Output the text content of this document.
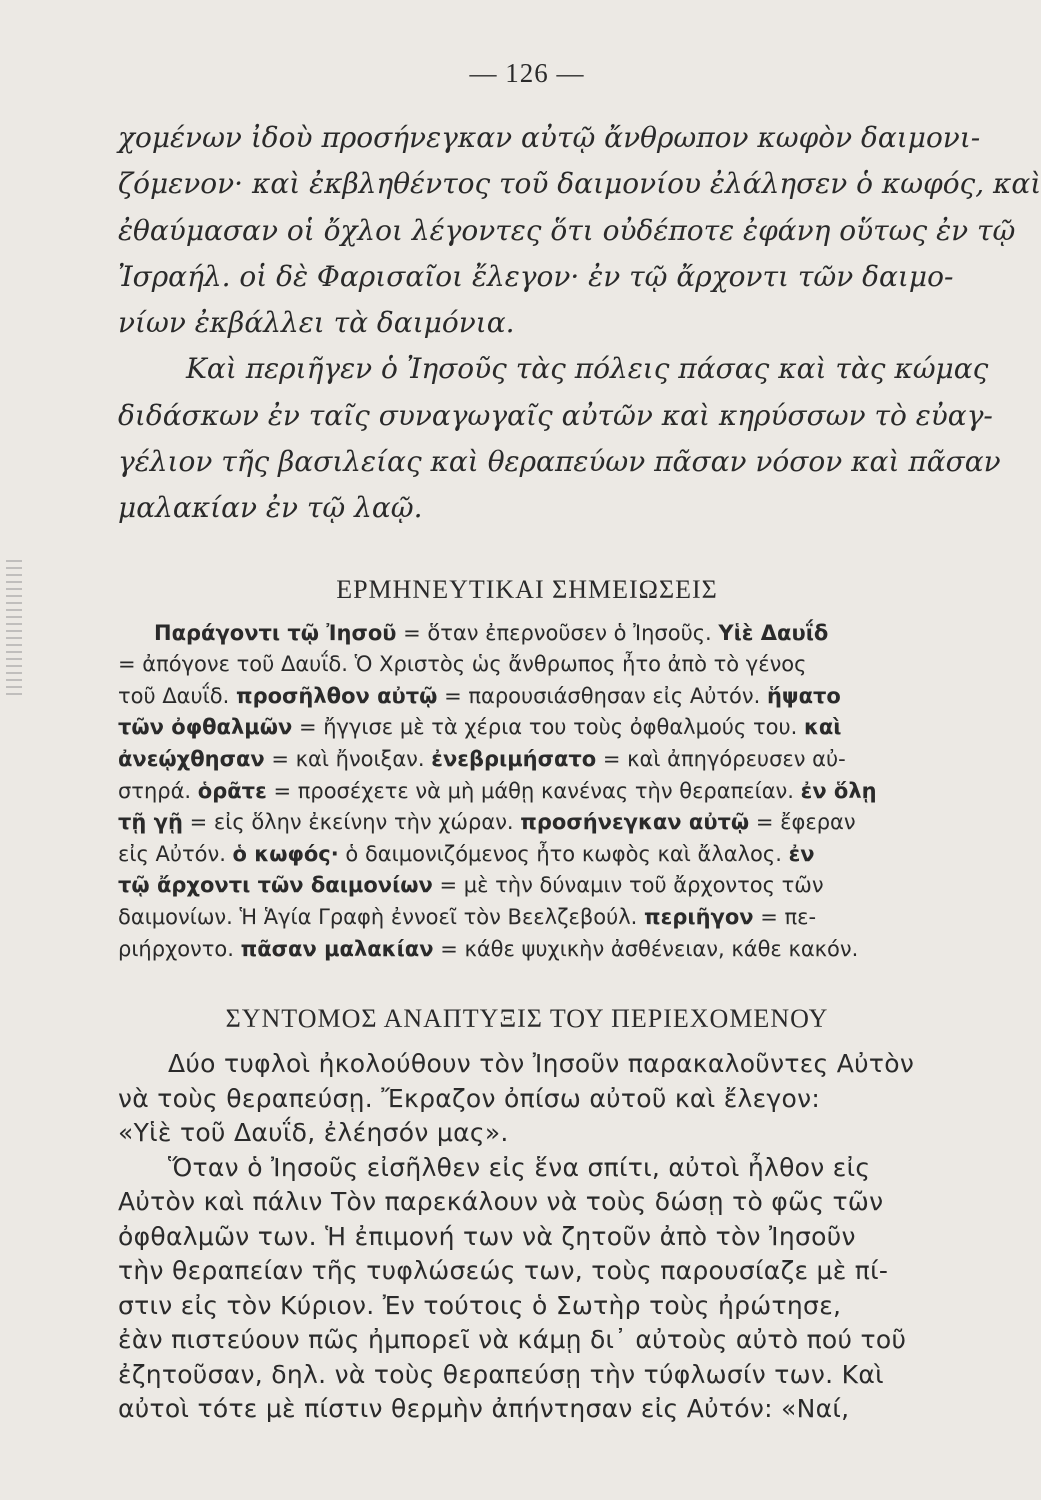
— 126 —
χομένων ἰδοὺ προσήνεγκαν αὐτῷ ἄνθρωπον κωφὸν δαιμονι-
ζόμενον· καὶ ἐκβληθέντος τοῦ δαιμονίου ἐλάλησεν ὁ κωφός, καὶ
ἐθαύμασαν οἱ ὄχλοι λέγοντες ὅτι οὐδέποτε ἐφάνη οὕτως ἐν τῷ
Ἰσραήλ. οἱ δὲ Φαρισαῖοι ἔλεγον· ἐν τῷ ἄρχοντι τῶν δαιμο-
νίων ἐκβάλλει τὰ δαιμόνια.
Καὶ περιῆγεν ὁ Ἰησοῦς τὰς πόλεις πάσας καὶ τὰς κώμας
διδάσκων ἐν ταῖς συναγωγαῖς αὐτῶν καὶ κηρύσσων τὸ εὐαγ-
γέλιον τῆς βασιλείας καὶ θεραπεύων πᾶσαν νόσον καὶ πᾶσαν
μαλακίαν ἐν τῷ λαῷ.
ΕΡΜΗΝΕΥΤΙΚΑΙ ΣΗΜΕΙΩΣΕΙΣ
Παράγοντι τῷ Ἰησοῦ = ὅταν ἐπερνοῦσεν ὁ Ἰησοῦς. Υἱὲ Δαυΐδ
= ἀπόγονε τοῦ Δαυΐδ. Ὁ Χριστὸς ὡς ἄνθρωπος ἦτο ἀπὸ τὸ γένος
τοῦ Δαυΐδ. προσῆλθον αὐτῷ = παρουσιάσθησαν εἰς Αὐτόν. ἥψατο
τῶν ὀφθαλμῶν = ἤγγισε μὲ τὰ χέρια του τοὺς ὀφθαλμούς του. καὶ
ἀνεῴχθησαν = καὶ ἤνοιξαν. ἐνεβριμήσατο = καὶ ἀπηγόρευσεν αὐ-
στηρά. ὁρᾶτε = προσέχετε νὰ μὴ μάθῃ κανένας τὴν θεραπείαν. ἐν ὅλῃ
τῇ γῇ = εἰς ὅλην ἐκείνην τὴν χώραν. προσήνεγκαν αὐτῷ = ἔφεραν
εἰς Αὐτόν. ὁ κωφός· ὁ δαιμονιζόμενος ἦτο κωφὸς καὶ ἄλαλος. ἐν
τῷ ἄρχοντι τῶν δαιμονίων = μὲ τὴν δύναμιν τοῦ ἄρχοντος τῶν
δαιμονίων. Ἡ Ἁγία Γραφὴ ἐννοεῖ τὸν Βεελζεβούλ. περιῆγον = πε-
ριήρχοντο. πᾶσαν μαλακίαν = κάθε ψυχικὴν ἀσθένειαν, κάθε κακόν.
ΣΥΝΤΟΜΟΣ ΑΝΑΠΤΥΞΙΣ ΤΟΥ ΠΕΡΙΕΧΟΜΕΝΟΥ
Δύο τυφλοὶ ἠκολούθουν τὸν Ἰησοῦν παρακαλοῦντες Αὐτὸν
νὰ τοὺς θεραπεύσῃ. Ἔκραζον ὀπίσω αὐτοῦ καὶ ἔλεγον:
«Υἱὲ τοῦ Δαυΐδ, ἐλέησόν μας».
Ὅταν ὁ Ἰησοῦς εἰσῆλθεν εἰς ἕνα σπίτι, αὐτοὶ ἦλθον εἰς
Αὐτὸν καὶ πάλιν Τὸν παρεκάλουν νὰ τοὺς δώσῃ τὸ φῶς τῶν
ὀφθαλμῶν των. Ἡ ἐπιμονή των νὰ ζητοῦν ἀπὸ τὸν Ἰησοῦν
τὴν θεραπείαν τῆς τυφλώσεώς των, τοὺς παρουσίαζε μὲ πί-
στιν εἰς τὸν Κύριον. Ἐν τούτοις ὁ Σωτὴρ τοὺς ἠρώτησε,
ἐὰν πιστεύουν πῶς ἠμπορεῖ νὰ κάμῃ δι᾿ αὐτοὺς αὐτὸ πού τοῦ
ἐζητοῦσαν, δηλ. νὰ τοὺς θεραπεύσῃ τὴν τύφλωσίν των. Καὶ
αὐτοὶ τότε μὲ πίστιν θερμὴν ἀπήντησαν εἰς Αὐτόν: «Ναί,
